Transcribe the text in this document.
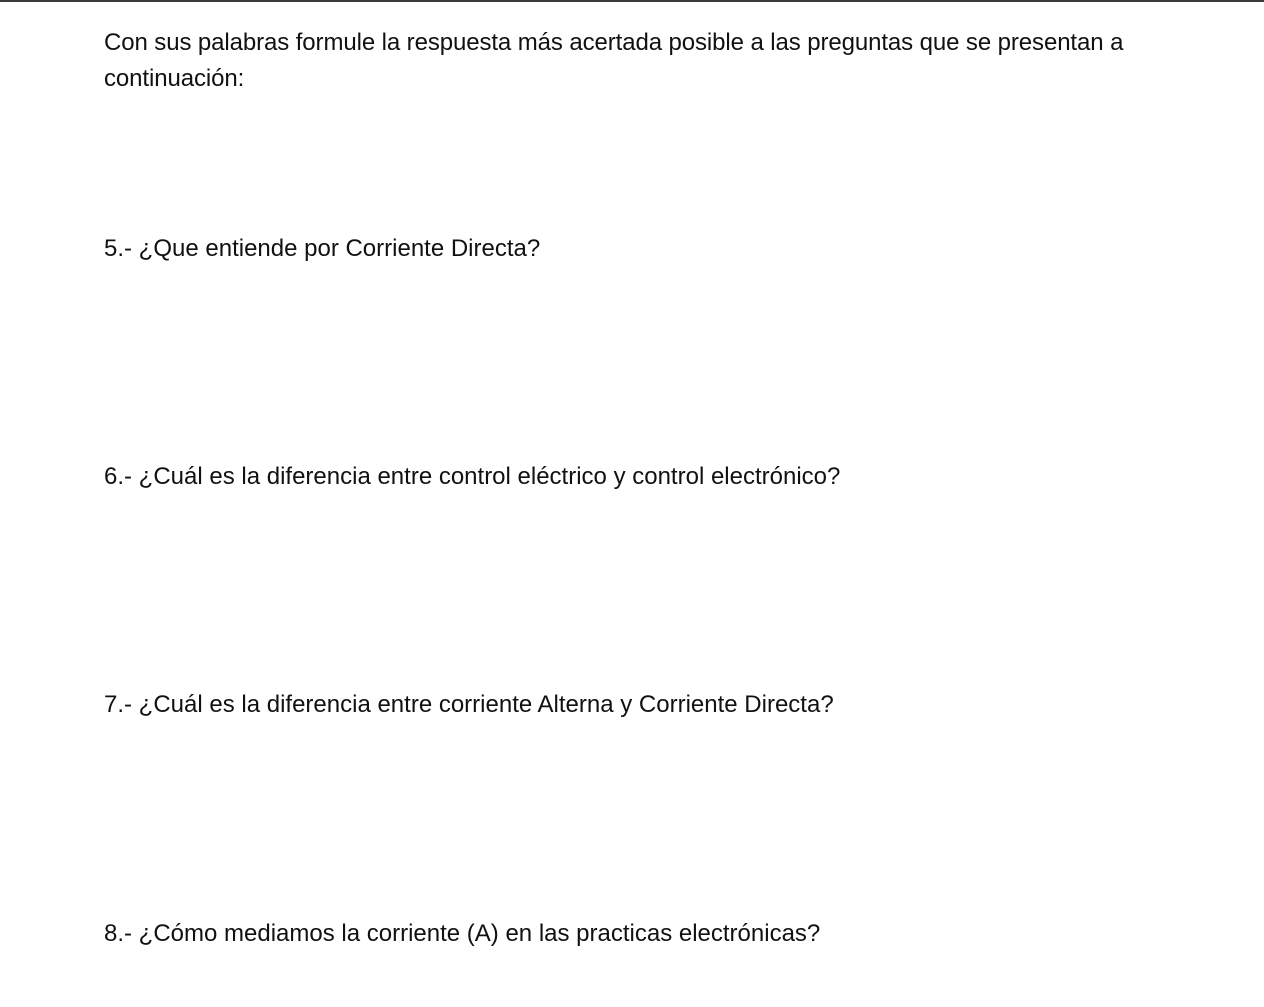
Con sus palabras formule la respuesta más acertada posible a las preguntas que se presentan a continuación:

5.- ¿Que entiende por Corriente Directa?

6.- ¿Cuál es la diferencia entre control eléctrico y control electrónico?

7.- ¿Cuál es la diferencia entre corriente Alterna y Corriente Directa?

8.- ¿Cómo mediamos la corriente (A) en las practicas electrónicas?
